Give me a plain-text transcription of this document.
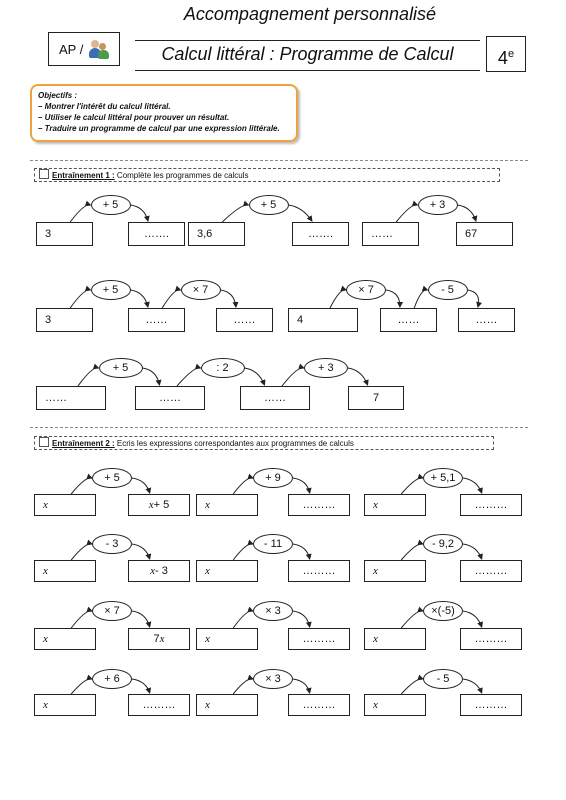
AP /
Accompagnement personnalisé
Calcul littéral : Programme de Calcul	4e
Objectifs :
– Montrer l'intérêt du calcul littéral.
– Utiliser le calcul littéral pour prouver un résultat.
– Traduire un programme de calcul par une expression littérale.
Entraînement 1 : Complète les programmes de calculs
Entraînement 2 : Ecris les expressions correspondantes aux programmes de calculs
+ 5
3	…….
+ 5
3,6	…….
+ 3
……	67
+ 5
3	……
× 7
……
× 7
4	……
- 5
……
+ 5
……	……
: 2
……
+ 3
7
+ 5
x	x + 5
+ 9
x	………
+ 5,1
x	………
- 3
x	x - 3
- 11
x	………
- 9,2
x	………
× 7
x	7 x
× 3
x	………
×(-5)
x	………
+ 6
x	………
× 3
x	………
- 5
x	………
